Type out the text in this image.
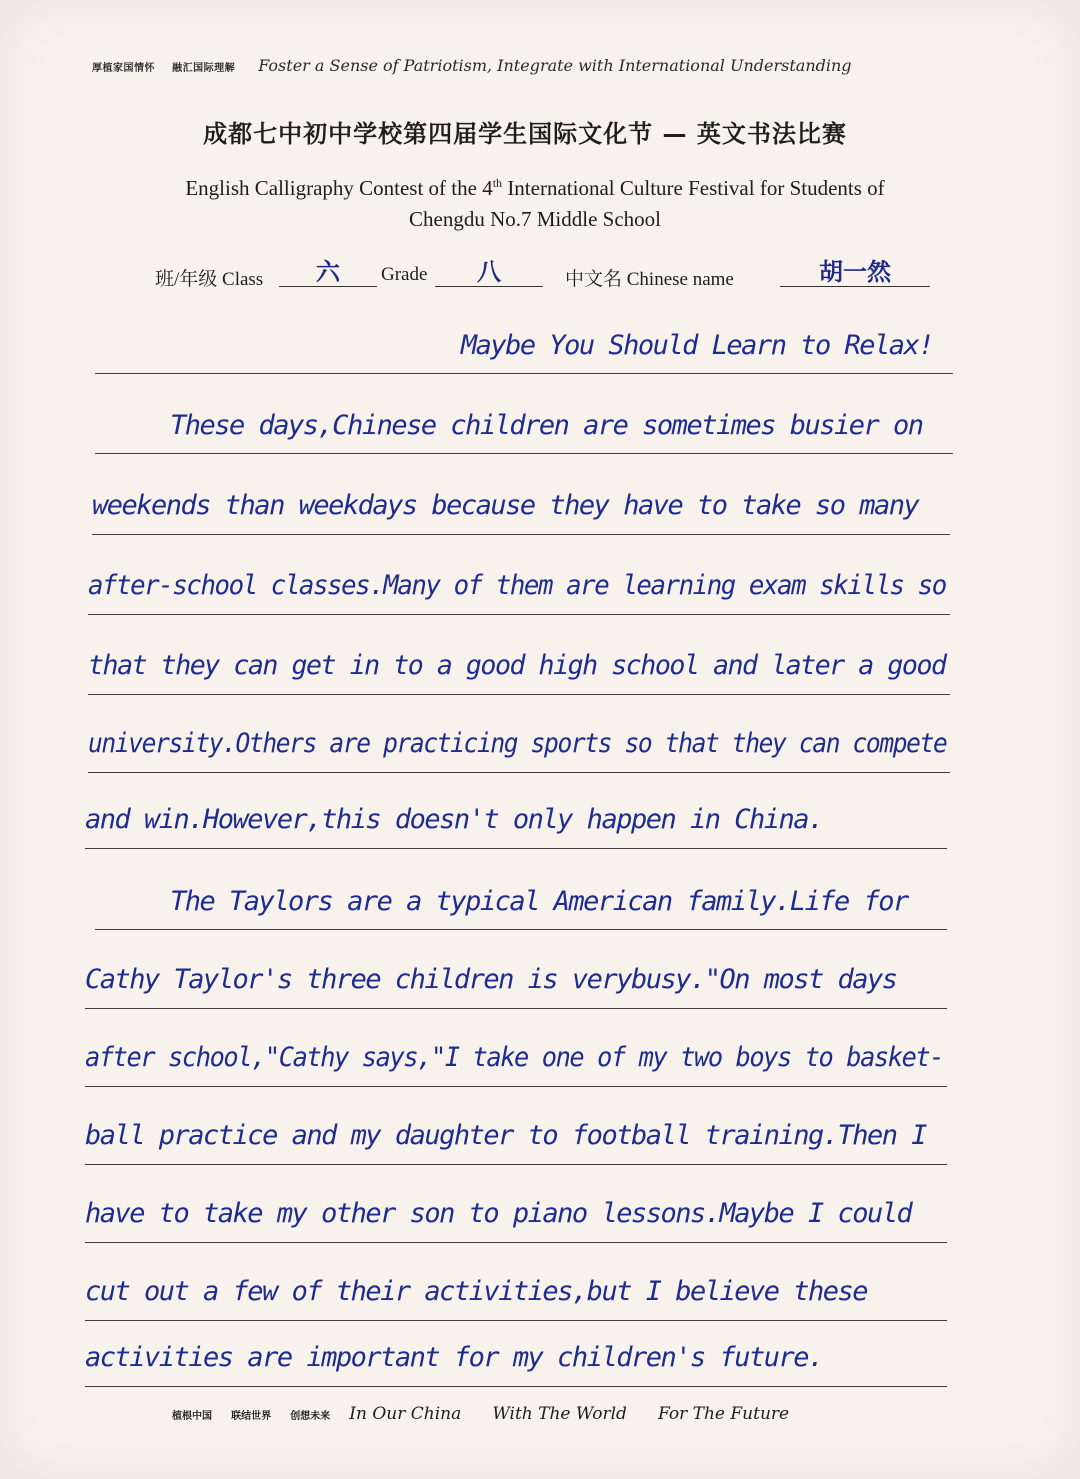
厚植家国情怀 融汇国际理解 Foster a Sense of Patriotism, Integrate with International Understanding
成都七中初中学校第四届学生国际文化节 — 英文书法比赛
English Calligraphy Contest of the 4th International Culture Festival for Students of
Chengdu No.7 Middle School
班/年级 Class	六	Grade	八	中文名 Chinese name	胡一然
Maybe You Should Learn to Relax!
These days,Chinese children are sometimes busier on
weekends than weekdays because they have to take so many
after-school classes.Many of them are learning exam skills so
that they can get in to a good high school and later a good
university.Others are practicing sports so that they can compete
and win.However,this doesn't only happen in China.
The Taylors are a typical American family.Life for
Cathy Taylor's three children is verybusy."On most days
after school,"Cathy says,"I take one of my two boys to basket-
ball practice and my daughter to football training.Then I
have to take my other son to piano lessons.Maybe I could
cut out a few of their activities,but I believe these
activities are important for my children's future.
植根中国 联结世界 创想未来 In Our China With The World For The Future
